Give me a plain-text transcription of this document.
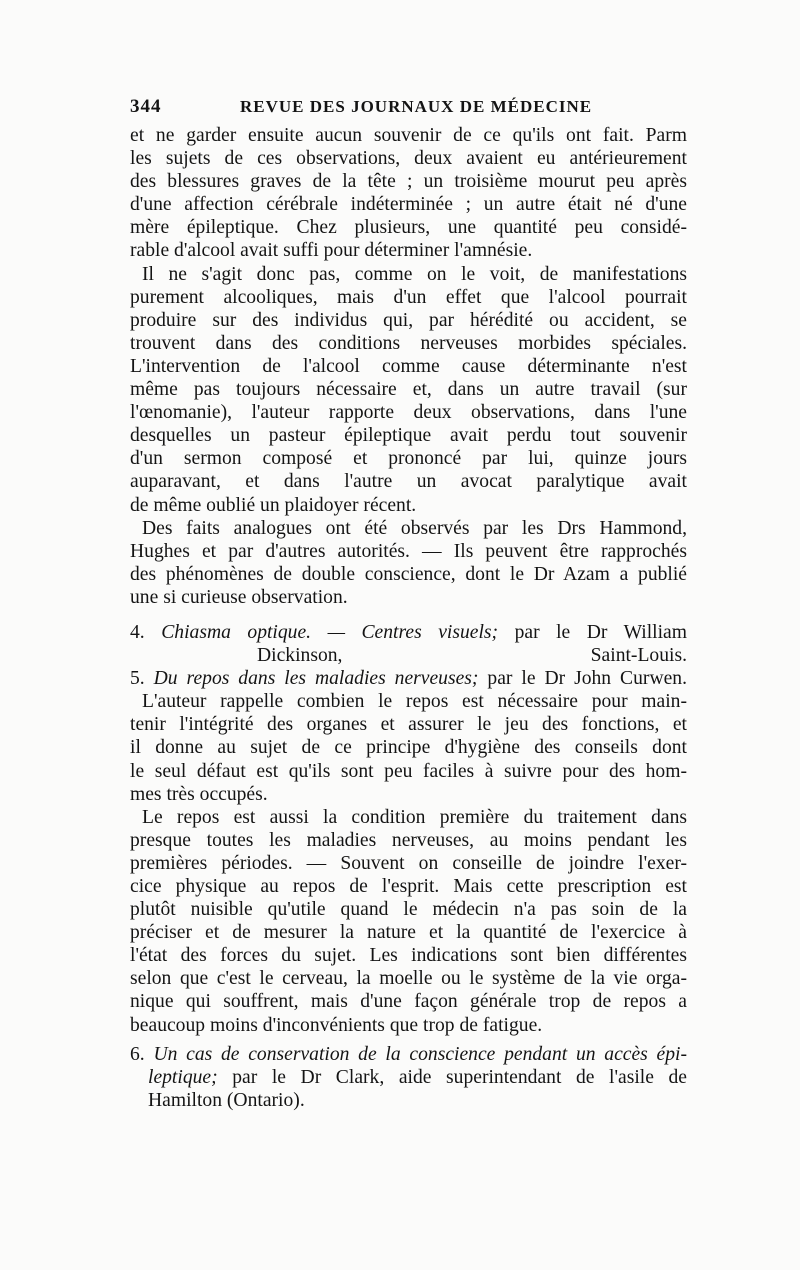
344	REVUE DES JOURNAUX DE MÉDECINE

et ne garder ensuite aucun souvenir de ce qu'ils ont fait. Parm

les sujets de ces observations, deux avaient eu antérieurement

des blessures graves de la tête ; un troisième mourut peu après

d'une affection cérébrale indéterminée ; un autre était né d'une

mère épileptique. Chez plusieurs, une quantité peu considé-

rable d'alcool avait suffi pour déterminer l'amnésie.

Il ne s'agit donc pas, comme on le voit, de manifestations

purement alcooliques, mais d'un effet que l'alcool pourrait

produire sur des individus qui, par hérédité ou accident, se

trouvent dans des conditions nerveuses morbides spéciales.

L'intervention de l'alcool comme cause déterminante n'est

même pas toujours nécessaire et, dans un autre travail (sur

l'œnomanie), l'auteur rapporte deux observations, dans l'une

desquelles un pasteur épileptique avait perdu tout souvenir

d'un sermon composé et prononcé par lui, quinze jours

auparavant, et dans l'autre un avocat paralytique avait

de même oublié un plaidoyer récent.

Des faits analogues ont été observés par les Drs Hammond,

Hughes et par d'autres autorités. — Ils peuvent être rapprochés

des phénomènes de double conscience, dont le Dr Azam a publié

une si curieuse observation.

4. Chiasma optique. — Centres visuels; par le Dr William

Dickinson, Saint-Louis.

5. Du repos dans les maladies nerveuses; par le Dr John Curwen.

L'auteur rappelle combien le repos est nécessaire pour main-

tenir l'intégrité des organes et assurer le jeu des fonctions, et

il donne au sujet de ce principe d'hygiène des conseils dont

le seul défaut est qu'ils sont peu faciles à suivre pour des hom-

mes très occupés.

Le repos est aussi la condition première du traitement dans

presque toutes les maladies nerveuses, au moins pendant les

premières périodes. — Souvent on conseille de joindre l'exer-

cice physique au repos de l'esprit. Mais cette prescription est

plutôt nuisible qu'utile quand le médecin n'a pas soin de la

préciser et de mesurer la nature et la quantité de l'exercice à

l'état des forces du sujet. Les indications sont bien différentes

selon que c'est le cerveau, la moelle ou le système de la vie orga-

nique qui souffrent, mais d'une façon générale trop de repos a

beaucoup moins d'inconvénients que trop de fatigue.

6. Un cas de conservation de la conscience pendant un accès épi-

leptique; par le Dr Clark, aide superintendant de l'asile de

Hamilton (Ontario).
